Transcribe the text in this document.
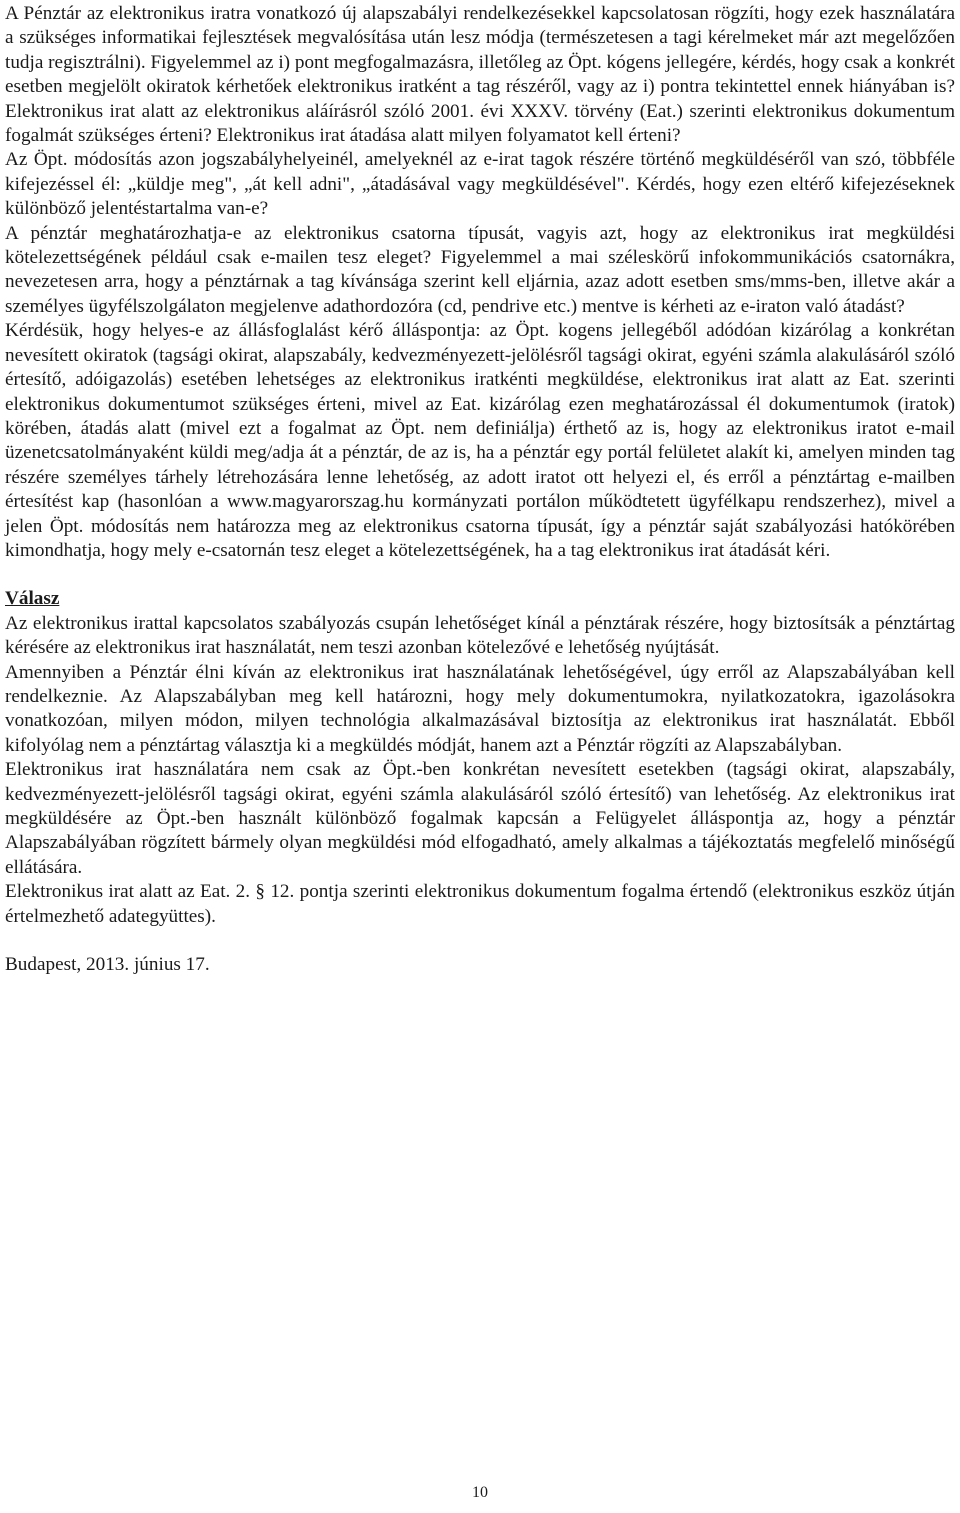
A Pénztár az elektronikus iratra vonatkozó új alapszabályi rendelkezésekkel kapcsolatosan rögzíti, hogy ezek használatára a szükséges informatikai fejlesztések megvalósítása után lesz módja (természetesen a tagi kérelmeket már azt megelőzően tudja regisztrálni). Figyelemmel az i) pont megfogalmazásra, illetőleg az Öpt. kógens jellegére, kérdés, hogy csak a konkrét esetben megjelölt okiratok kérhetőek elektronikus iratként a tag részéről, vagy az i) pontra tekintettel ennek hiányában is? Elektronikus irat alatt az elektronikus aláírásról szóló 2001. évi XXXV. törvény (Eat.) szerinti elektronikus dokumentum fogalmát szükséges érteni? Elektronikus irat átadása alatt milyen folyamatot kell érteni?

Az Öpt. módosítás azon jogszabályhelyeinél, amelyeknél az e-irat tagok részére történő megküldéséről van szó, többféle kifejezéssel él: „küldje meg", „át kell adni", „átadásával vagy megküldésével". Kérdés, hogy ezen eltérő kifejezéseknek különböző jelentéstartalma van-e?

A pénztár meghatározhatja-e az elektronikus csatorna típusát, vagyis azt, hogy az elektronikus irat megküldési kötelezettségének például csak e-mailen tesz eleget? Figyelemmel a mai széleskörű infokommunikációs csatornákra, nevezetesen arra, hogy a pénztárnak a tag kívánsága szerint kell eljárnia, azaz adott esetben sms/mms-ben, illetve akár a személyes ügyfélszolgálaton megjelenve adathordozóra (cd, pendrive etc.) mentve is kérheti az e-iraton való átadást?

Kérdésük, hogy helyes-e az állásfoglalást kérő álláspontja: az Öpt. kogens jellegéből adódóan kizárólag a konkrétan nevesített okiratok (tagsági okirat, alapszabály, kedvezményezett-jelölésről tagsági okirat, egyéni számla alakulásáról szóló értesítő, adóigazolás) esetében lehetséges az elektronikus iratkénti megküldése, elektronikus irat alatt az Eat. szerinti elektronikus dokumentumot szükséges érteni, mivel az Eat. kizárólag ezen meghatározással él dokumentumok (iratok) körében, átadás alatt (mivel ezt a fogalmat az Öpt. nem definiálja) érthető az is, hogy az elektronikus iratot e-mail üzenetcsatolmányaként küldi meg/adja át a pénztár, de az is, ha a pénztár egy portál felületet alakít ki, amelyen minden tag részére személyes tárhely létrehozására lenne lehetőség, az adott iratot ott helyezi el, és erről a pénztártag e-mailben értesítést kap (hasonlóan a www.magyarorszag.hu kormányzati portálon működtetett ügyfélkapu rendszerhez), mivel a jelen Öpt. módosítás nem határozza meg az elektronikus csatorna típusát, így a pénztár saját szabályozási hatókörében kimondhatja, hogy mely e-csatornán tesz eleget a kötelezettségének, ha a tag elektronikus irat átadását kéri.

Válasz

Az elektronikus irattal kapcsolatos szabályozás csupán lehetőséget kínál a pénztárak részére, hogy biztosítsák a pénztártag kérésére az elektronikus irat használatát, nem teszi azonban kötelezővé e lehetőség nyújtását.

Amennyiben a Pénztár élni kíván az elektronikus irat használatának lehetőségével, úgy erről az Alapszabályában kell rendelkeznie. Az Alapszabályban meg kell határozni, hogy mely dokumentumokra, nyilatkozatokra, igazolásokra vonatkozóan, milyen módon, milyen technológia alkalmazásával biztosítja az elektronikus irat használatát. Ebből kifolyólag nem a pénztártag választja ki a megküldés módját, hanem azt a Pénztár rögzíti az Alapszabályban.

Elektronikus irat használatára nem csak az Öpt.-ben konkrétan nevesített esetekben (tagsági okirat, alapszabály, kedvezményezett-jelölésről tagsági okirat, egyéni számla alakulásáról szóló értesítő) van lehetőség. Az elektronikus irat megküldésére az Öpt.-ben használt különböző fogalmak kapcsán a Felügyelet álláspontja az, hogy a pénztár Alapszabályában rögzített bármely olyan megküldési mód elfogadható, amely alkalmas a tájékoztatás megfelelő minőségű ellátására.

Elektronikus irat alatt az Eat. 2. § 12. pontja szerinti elektronikus dokumentum fogalma értendő (elektronikus eszköz útján értelmezhető adategyüttes).

Budapest, 2013. június 17.
10
